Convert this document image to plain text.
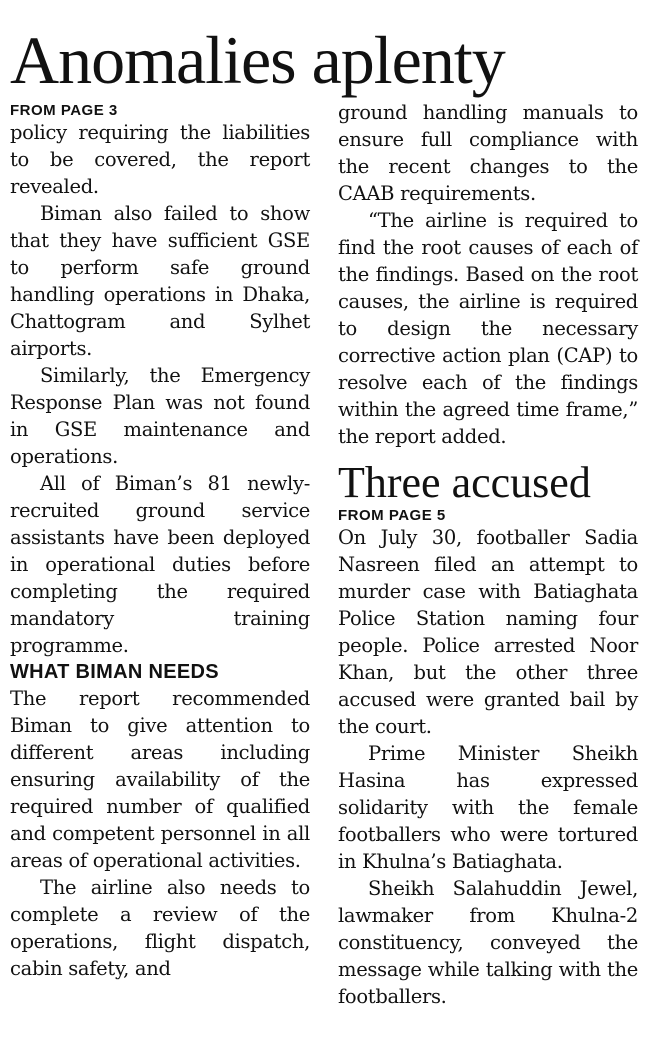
Anomalies aplenty
FROM PAGE 3

policy requiring the liabilities to be covered, the report revealed.

Biman also failed to show that they have sufficient GSE to perform safe ground handling operations in Dhaka, Chattogram and Sylhet airports.

Similarly, the Emergency Response Plan was not found in GSE maintenance and operations.

All of Biman’s 81 newly-recruited ground service assistants have been deployed in operational duties before completing the required mandatory training programme.

WHAT BIMAN NEEDS

The report recommended Biman to give attention to different areas including ensuring availability of the required number of qualified and competent personnel in all areas of operational activities.

The airline also needs to complete a review of the operations, flight dispatch, cabin safety, and

ground handling manuals to ensure full compliance with the recent changes to the CAAB requirements.

“The airline is required to find the root causes of each of the findings. Based on the root causes, the airline is required to design the necessary corrective action plan (CAP) to resolve each of the findings within the agreed time frame,” the report added.

Three accused
FROM PAGE 5

On July 30, footballer Sadia Nasreen filed an attempt to murder case with Batiaghata Police Station naming four people. Police arrested Noor Khan, but the other three accused were granted bail by the court.

Prime Minister Sheikh Hasina has expressed solidarity with the female footballers who were tortured in Khulna’s Batiaghata.

Sheikh Salahuddin Jewel, lawmaker from Khulna-2 constituency, conveyed the message while talking with the footballers.
